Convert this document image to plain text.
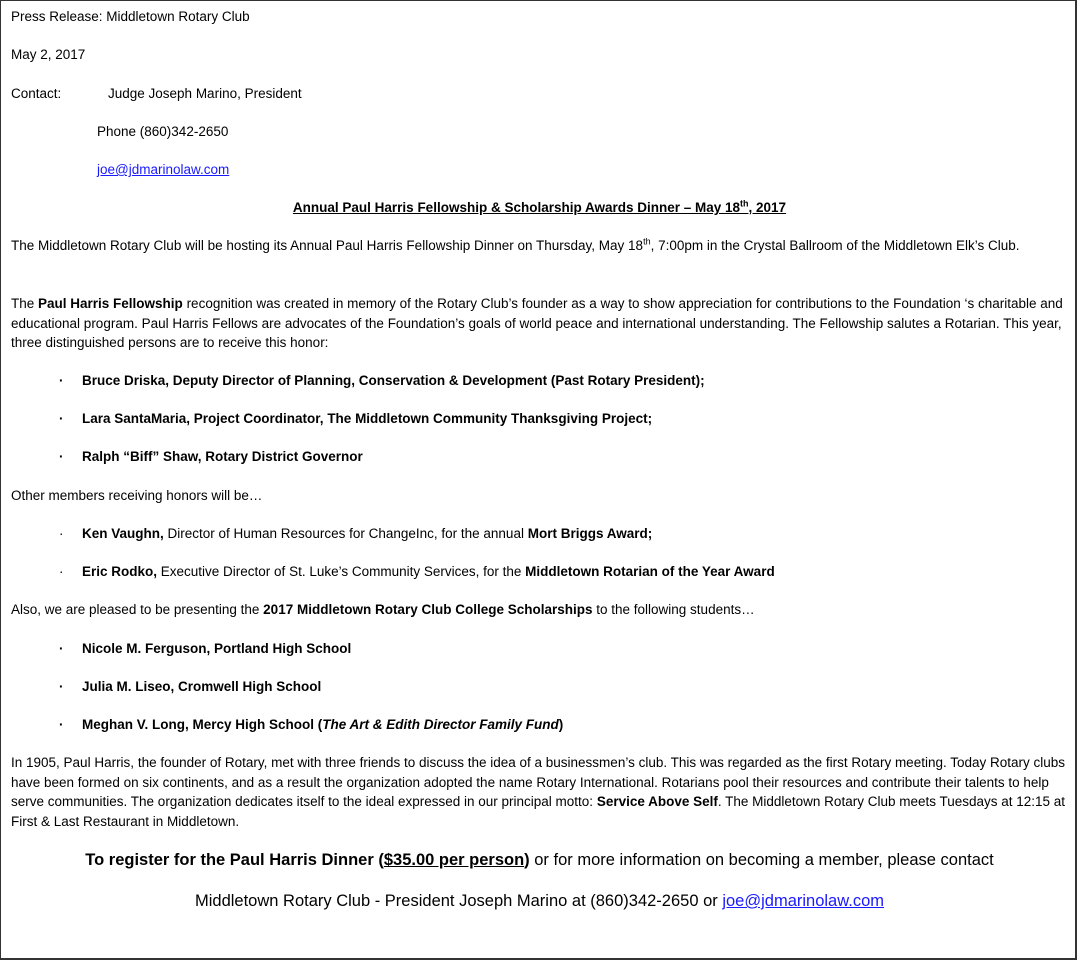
Press Release: Middletown Rotary Club
May 2, 2017
Contact:	Judge Joseph Marino, President
Phone (860)342-2650
joe@jdmarinolaw.com
Annual Paul Harris Fellowship & Scholarship Awards Dinner – May 18th, 2017
The Middletown Rotary Club will be hosting its Annual Paul Harris Fellowship Dinner on Thursday, May 18th, 7:00pm in the Crystal Ballroom of the Middletown Elk’s Club.
The Paul Harris Fellowship recognition was created in memory of the Rotary Club’s founder as a way to show appreciation for contributions to the Foundation ‘s charitable and educational program. Paul Harris Fellows are advocates of the Foundation’s goals of world peace and international understanding. The Fellowship salutes a Rotarian. This year, three distinguished persons are to receive this honor:
· Bruce Driska, Deputy Director of Planning, Conservation & Development (Past Rotary President);
· Lara SantaMaria, Project Coordinator, The Middletown Community Thanksgiving Project;
· Ralph “Biff” Shaw, Rotary District Governor
Other members receiving honors will be…
· Ken Vaughn, Director of Human Resources for ChangeInc, for the annual Mort Briggs Award;
· Eric Rodko, Executive Director of St. Luke’s Community Services, for the Middletown Rotarian of the Year Award
Also, we are pleased to be presenting the 2017 Middletown Rotary Club College Scholarships to the following students…
· Nicole M. Ferguson, Portland High School
· Julia M. Liseo, Cromwell High School
· Meghan V. Long, Mercy High School (The Art & Edith Director Family Fund)
In 1905, Paul Harris, the founder of Rotary, met with three friends to discuss the idea of a businessmen’s club. This was regarded as the first Rotary meeting. Today Rotary clubs have been formed on six continents, and as a result the organization adopted the name Rotary International. Rotarians pool their resources and contribute their talents to help serve communities. The organization dedicates itself to the ideal expressed in our principal motto: Service Above Self. The Middletown Rotary Club meets Tuesdays at 12:15 at First & Last Restaurant in Middletown.
To register for the Paul Harris Dinner ($35.00 per person) or for more information on becoming a member, please contact
Middletown Rotary Club - President Joseph Marino at (860)342-2650 or joe@jdmarinolaw.com
